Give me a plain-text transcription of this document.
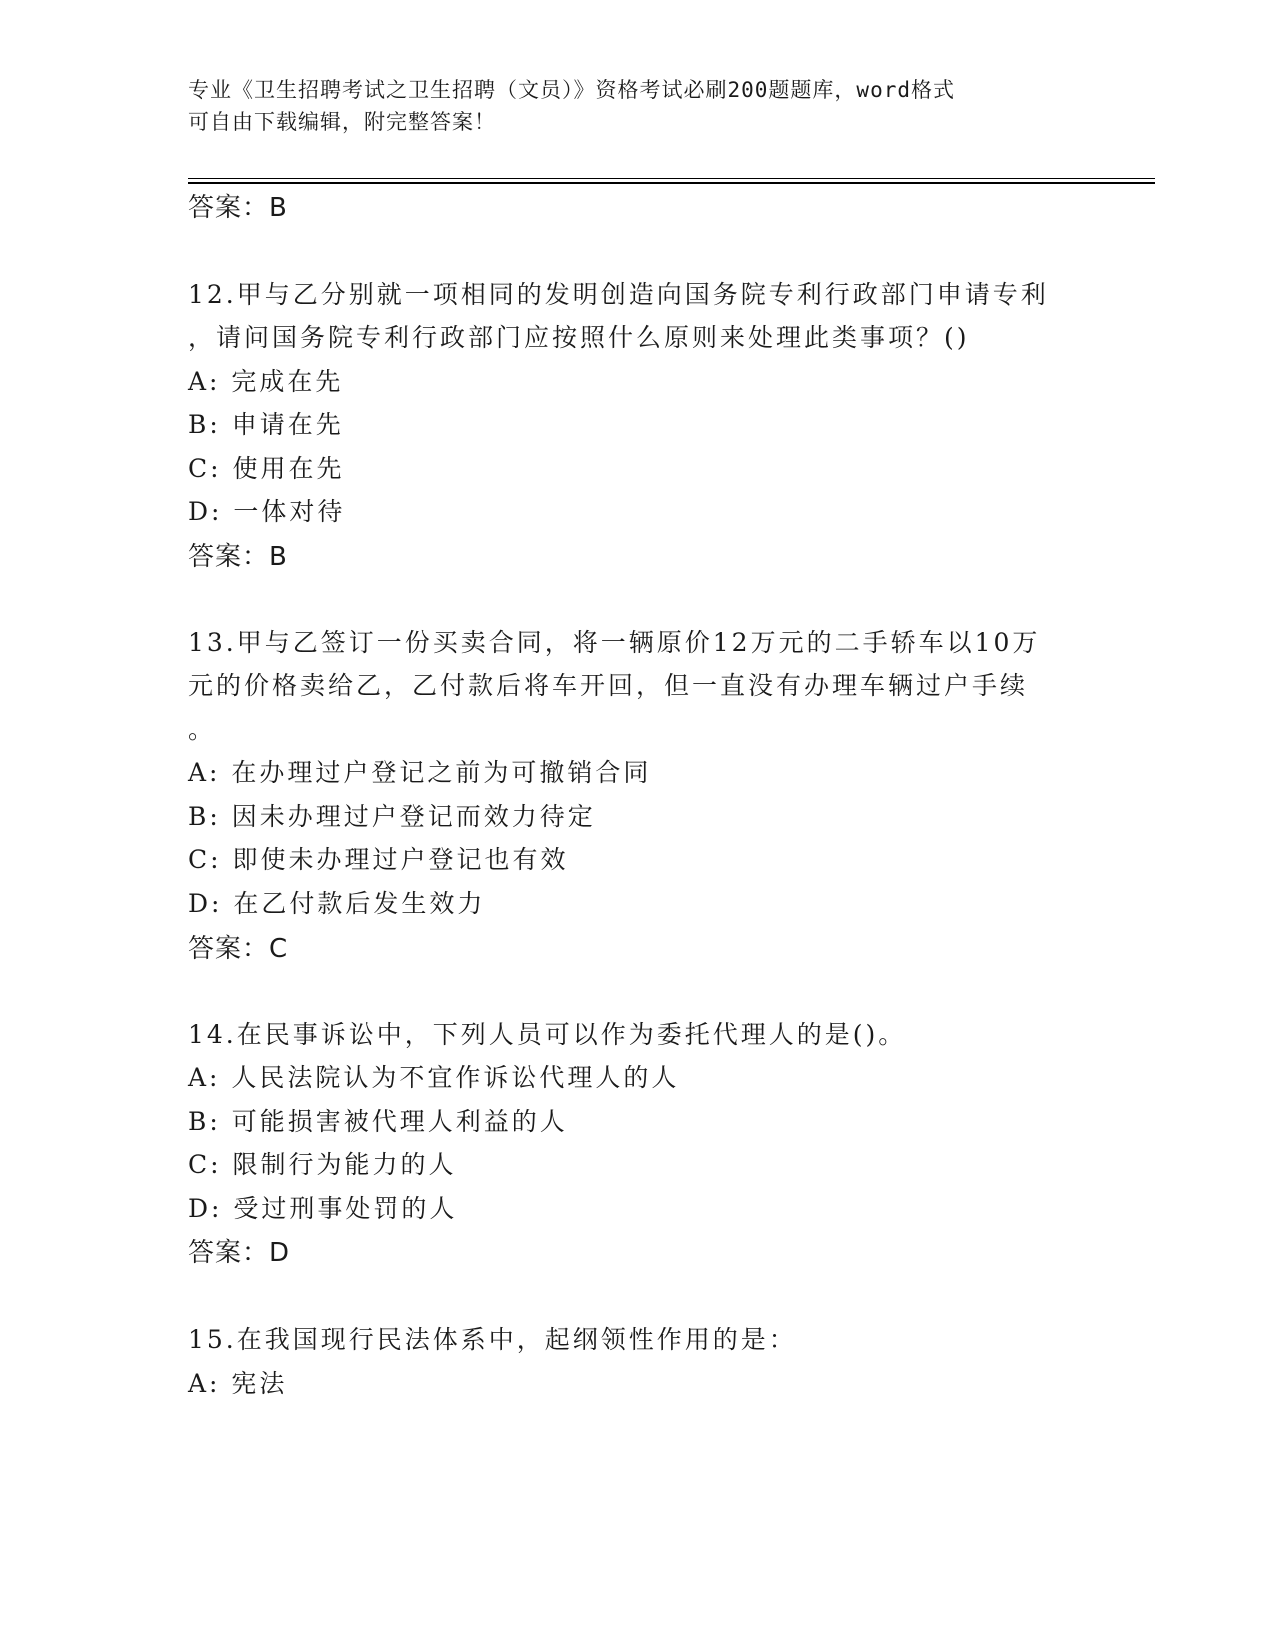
专业《卫生招聘考试之卫生招聘（文员）》资格考试必刷200题题库，word格式
可自由下载编辑，附完整答案！
答案：B
12.甲与乙分别就一项相同的发明创造向国务院专利行政部门申请专利
，请问国务院专利行政部门应按照什么原则来处理此类事项？()
A: 完成在先
B: 申请在先
C: 使用在先
D: 一体对待
答案：B
13.甲与乙签订一份买卖合同，将一辆原价12万元的二手轿车以10万
元的价格卖给乙，乙付款后将车开回，但一直没有办理车辆过户手续
。
A: 在办理过户登记之前为可撤销合同
B: 因未办理过户登记而效力待定
C: 即使未办理过户登记也有效
D: 在乙付款后发生效力
答案：C
14.在民事诉讼中，下列人员可以作为委托代理人的是()。
A: 人民法院认为不宜作诉讼代理人的人
B: 可能损害被代理人利益的人
C: 限制行为能力的人
D: 受过刑事处罚的人
答案：D
15.在我国现行民法体系中，起纲领性作用的是：
A: 宪法
